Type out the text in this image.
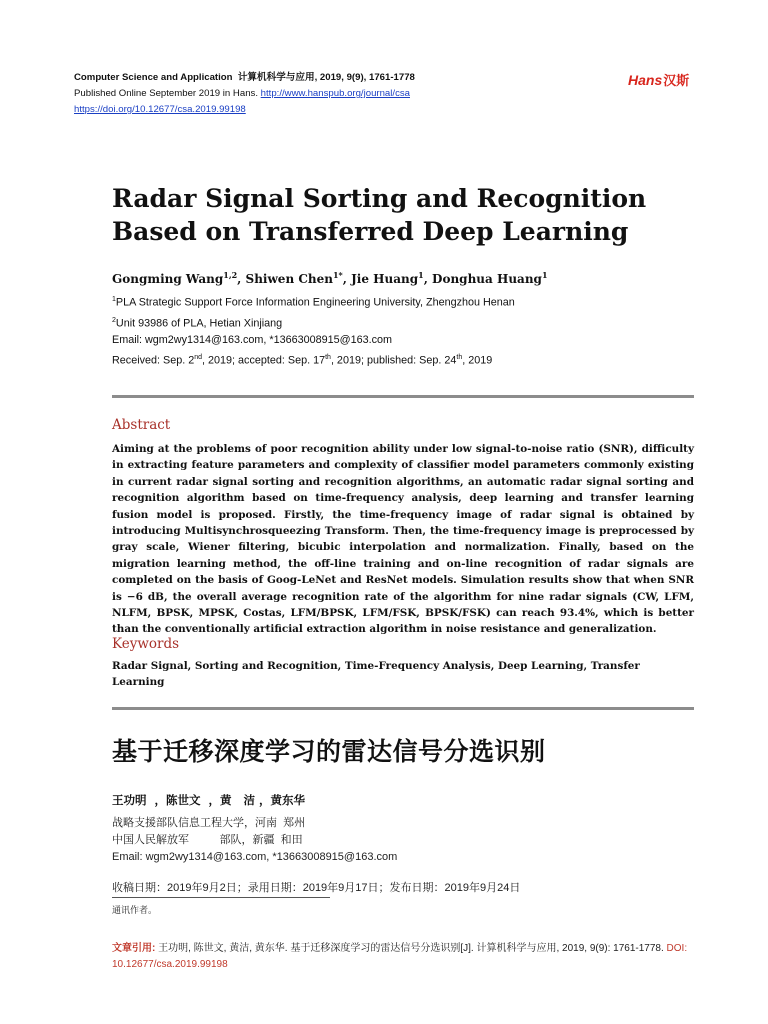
Computer Science and Application 计算机科学与应用, 2019, 9(9), 1761-1778
Published Online September 2019 in Hans. http://www.hanspub.org/journal/csa
https://doi.org/10.12677/csa.2019.99198
Hans 汉斯
Radar Signal Sorting and Recognition Based on Transferred Deep Learning
Gongming Wang$^{1,2}$, Shiwen Chen$^{1*}$, Jie Huang$^1$, Donghua Huang$^1$
$^1$PLA Strategic Support Force Information Engineering University, Zhengzhou Henan
$^2$Unit 93986 of PLA, Hetian Xinjiang
Email: wgm2wy1314@163.com, *13663008915@163.com
Received: Sep. 2nd, 2019; accepted: Sep. 17th, 2019; published: Sep. 24th, 2019
Abstract
Aiming at the problems of poor recognition ability under low signal-to-noise ratio (SNR), difficulty in extracting feature parameters and complexity of classifier model parameters commonly existing in current radar signal sorting and recognition algorithms, an automatic radar signal sorting and recognition algorithm based on time-frequency analysis, deep learning and transfer learning fusion model is proposed. Firstly, the time-frequency image of radar signal is obtained by introducing Multisynchrosqueezing Transform. Then, the time-frequency image is preprocessed by gray scale, Wiener filtering, bicubic interpolation and normalization. Finally, based on the migration learning method, the off-line training and on-line recognition of radar signals are completed on the basis of Goog-LeNet and ResNet models. Simulation results show that when SNR is −6 dB, the overall average recognition rate of the algorithm for nine radar signals (CW, LFM, NLFM, BPSK, MPSK, Costas, LFM/BPSK, LFM/FSK, BPSK/FSK) can reach 93.4%, which is better than the conventionally artificial extraction algorithm in noise resistance and generalization.
Keywords
Radar Signal, Sorting and Recognition, Time-Frequency Analysis, Deep Learning, Transfer Learning
基于迁移深度学习的雷达信号分选识别
王功明  ，陈世文  ，黄   洁 ，黄东华
战略支援部队信息工程大学，河南  郑州
中国人民解放军          部队，新疆  和田
Email: wgm2wy1314@163.com, *13663008915@163.com
收稿日期：2019年9月2日；录用日期：2019年9月17日；发布日期：2019年9月24日
通讯作者。
文章引用: 王功明, 陈世文, 黄洁, 黄东华. 基于迁移深度学习的雷达信号分选识别[J]. 计算机科学与应用, 2019, 9(9): 1761-1778. DOI: 10.12677/csa.2019.99198
